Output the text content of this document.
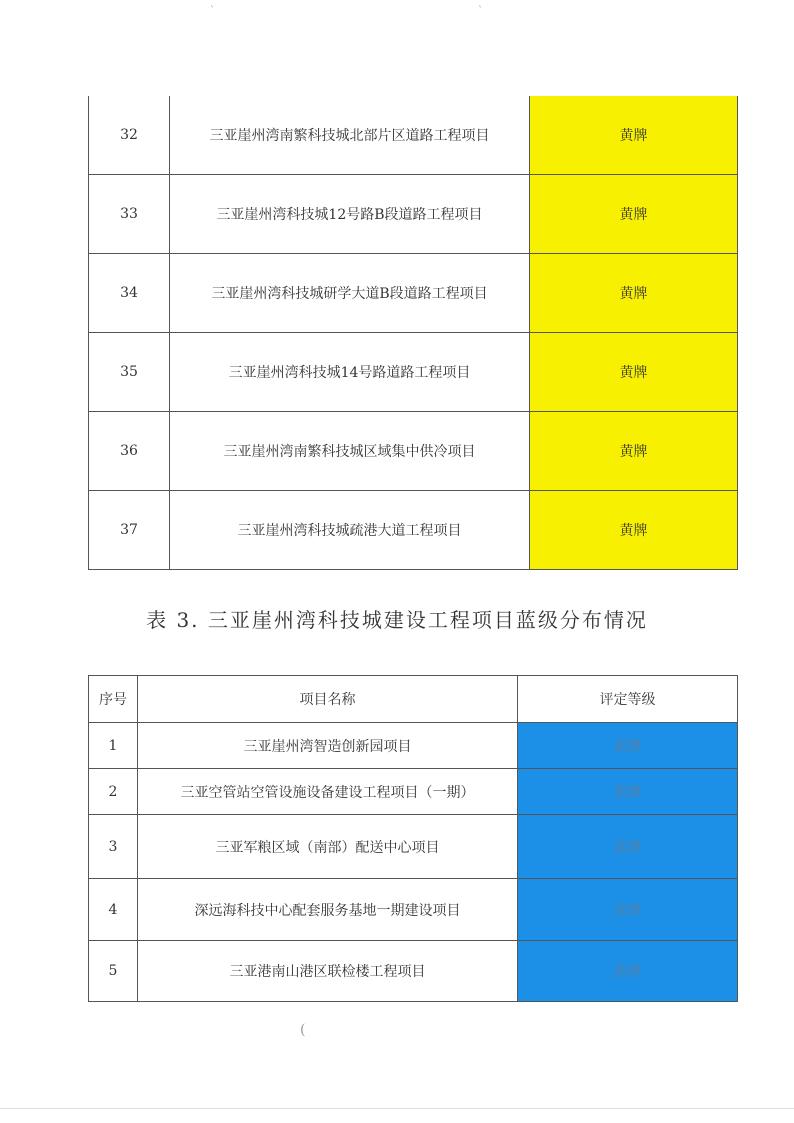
32	三亚崖州湾南繁科技城北部片区道路工程项目	黄牌
33	三亚崖州湾科技城12号路B段道路工程项目	黄牌
34	三亚崖州湾科技城研学大道B段道路工程项目	黄牌
35	三亚崖州湾科技城14号路道路工程项目	黄牌
36	三亚崖州湾南繁科技城区域集中供冷项目	黄牌
37	三亚崖州湾科技城疏港大道工程项目	黄牌
表 3. 三亚崖州湾科技城建设工程项目蓝级分布情况
序号	项目名称	评定等级
1	三亚崖州湾智造创新园项目	蓝牌
2	三亚空管站空管设施设备建设工程项目（一期）	蓝牌
3	三亚军粮区域（南部）配送中心项目	蓝牌
4	深远海科技中心配套服务基地一期建设项目	蓝牌
5	三亚港南山港区联检楼工程项目	蓝牌
ˋ	ˋ
(
